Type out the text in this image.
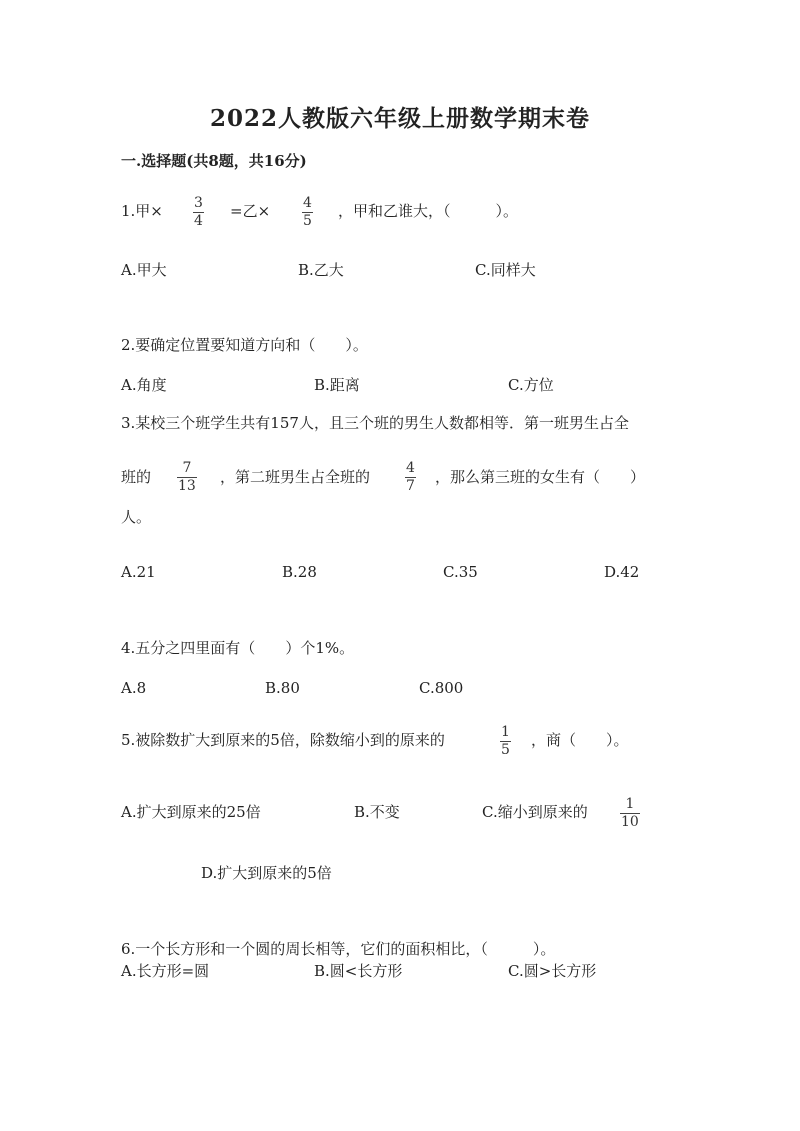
2022人教版六年级上册数学期末卷
一.选择题(共8题，共16分)
1.甲× 3
4
=乙× 4
5
，甲和乙谁大，（　　　）。
A.甲大	B.乙大	C.同样大
2.要确定位置要知道方向和（　　）。
A.角度	B.距离	C.方位
3.某校三个班学生共有157人，且三个班的男生人数都相等．第一班男生占全
班的 7
13 ，第二班男生占全班的	4
7 ，那么第三班的女生有（　　）
人。
A.21	B.28	C.35	D.42
4.五分之四里面有（　　）个1%。
A.8	B.80	C.800
5.被除数扩大到原来的5倍，除数缩小到的原来的	1
5
，商（　　）。
A.扩大到原来的25倍	B.不变	C.缩小到原来的	1
10
D.扩大到原来的5倍
6.一个长方形和一个圆的周长相等，它们的面积相比，（　　　）。
A.长方形=圆	B.圆<长方形	C.圆>长方形
